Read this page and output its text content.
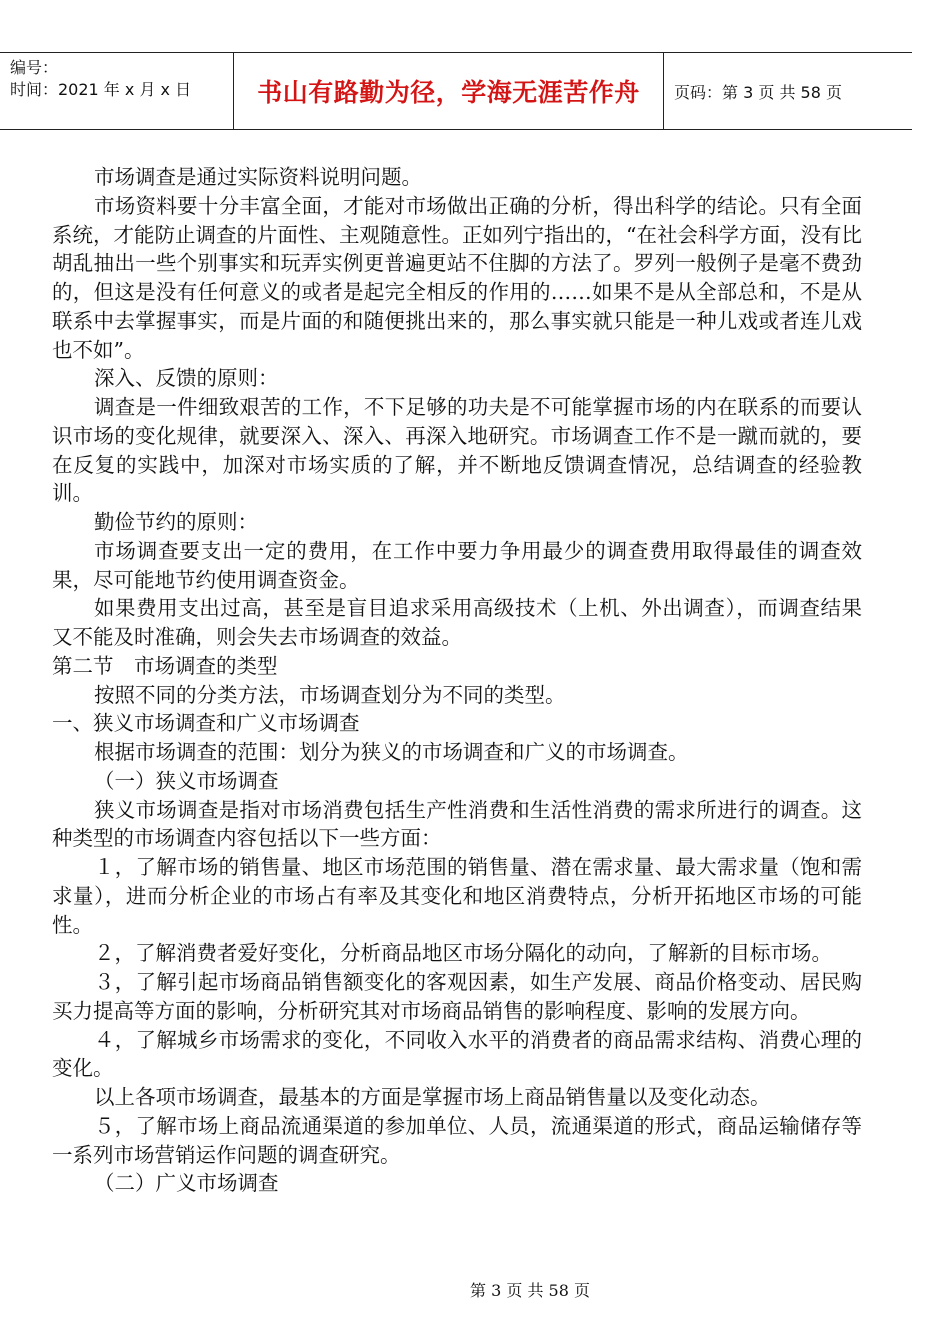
编号：
时间：2021 年 x 月 x 日	书山有路勤为径，学海无涯苦作舟 页码：第 3 页 共 58 页

市场调查是通过实际资料说明问题。

市场资料要十分丰富全面，才能对市场做出正确的分析，得出科学的结论。只有全面系统，才能防止调查的片面性、主观随意性。正如列宁指出的，“在社会科学方面，没有比胡乱抽出一些个别事实和玩弄实例更普遍更站不住脚的方法了。罗列一般例子是毫不费劲的，但这是没有任何意义的或者是起完全相反的作用的……如果不是从全部总和，不是从联系中去掌握事实，而是片面的和随便挑出来的，那么事实就只能是一种儿戏或者连儿戏也不如”。

深入、反馈的原则：

调查是一件细致艰苦的工作，不下足够的功夫是不可能掌握市场的内在联系的而要认识市场的变化规律，就要深入、深入、再深入地研究。市场调查工作不是一蹴而就的，要在反复的实践中，加深对市场实质的了解，并不断地反馈调查情况，总结调查的经验教训。

勤俭节约的原则：

市场调查要支出一定的费用，在工作中要力争用最少的调查费用取得最佳的调查效果，尽可能地节约使用调查资金。

如果费用支出过高，甚至是盲目追求采用高级技术（上机、外出调查），而调查结果又不能及时准确，则会失去市场调查的效益。

第二节　市场调查的类型

按照不同的分类方法，市场调查划分为不同的类型。

一、狭义市场调查和广义市场调查

根据市场调查的范围：划分为狭义的市场调查和广义的市场调查。

（一）狭义市场调查

狭义市场调查是指对市场消费包括生产性消费和生活性消费的需求所进行的调查。这种类型的市场调查内容包括以下一些方面：

１，了解市场的销售量、地区市场范围的销售量、潜在需求量、最大需求量（饱和需求量），进而分析企业的市场占有率及其变化和地区消费特点，分析开拓地区市场的可能性。

２，了解消费者爱好变化，分析商品地区市场分隔化的动向，了解新的目标市场。

３，了解引起市场商品销售额变化的客观因素，如生产发展、商品价格变动、居民购买力提高等方面的影响，分析研究其对市场商品销售的影响程度、影响的发展方向。

４，了解城乡市场需求的变化，不同收入水平的消费者的商品需求结构、消费心理的变化。

以上各项市场调查，最基本的方面是掌握市场上商品销售量以及变化动态。

５，了解市场上商品流通渠道的参加单位、人员，流通渠道的形式，商品运输储存等一系列市场营销运作问题的调查研究。

（二）广义市场调查

第 3 页 共 58 页
